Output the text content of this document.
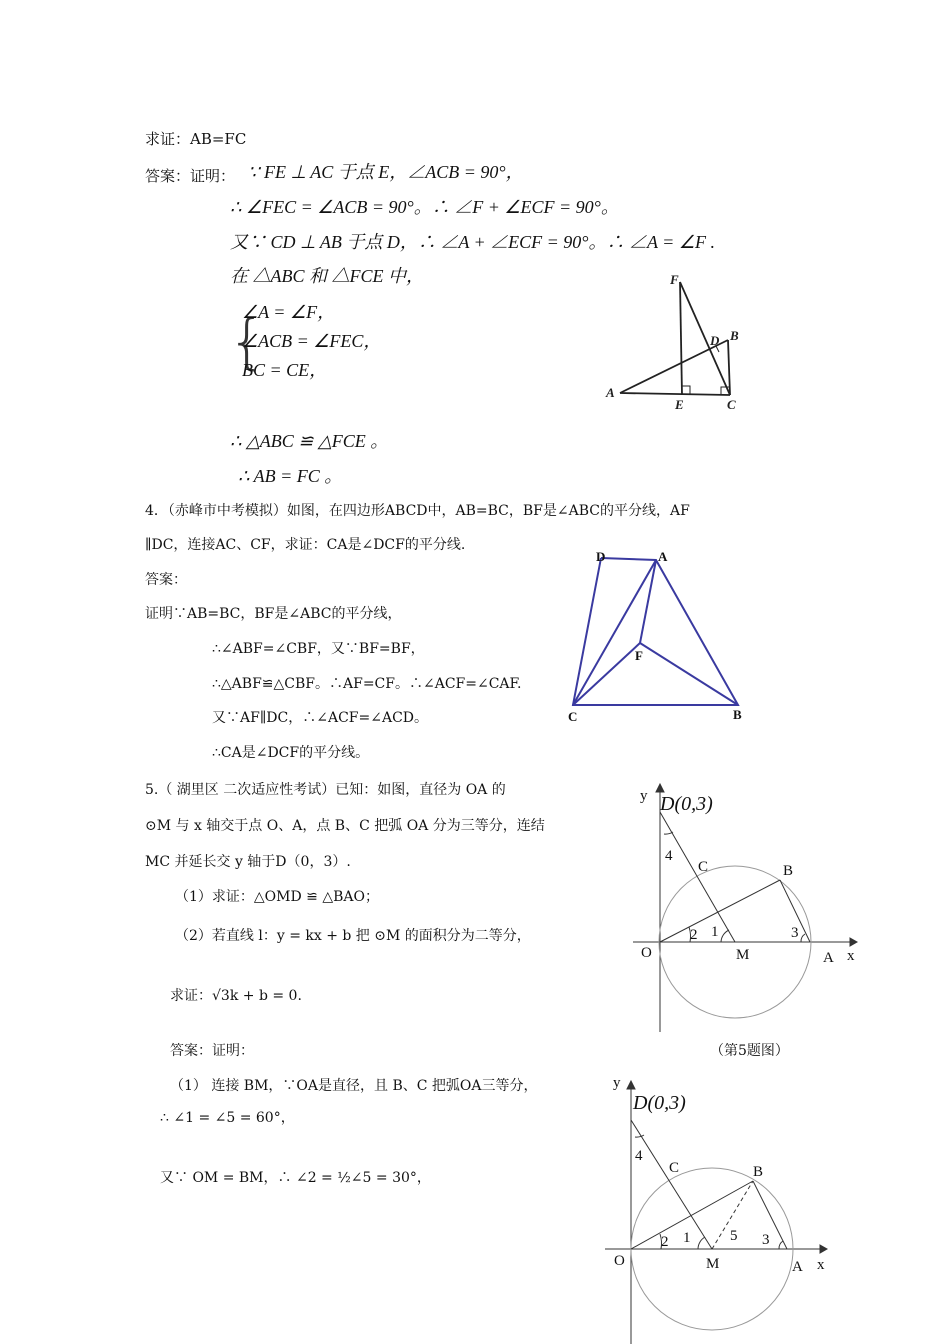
求证：AB=FC
答案：证明： ∵ FE ⊥ AC 于点 E，∠ACB = 90°，
∴ ∠FEC = ∠ACB = 90°。∴ ∠F + ∠ECF = 90°。
又∵ CD ⊥ AB 于点 D，∴ ∠A + ∠ECF = 90°。∴ ∠A = ∠F .
在 △ABC 和 △FCE 中，
{
∠A = ∠F，
∠ACB = ∠FEC，
BC = CE，
∴ △ABC ≌ △FCE 。
∴ AB = FC 。
F
B
D
A
E	C
4．（赤峰市中考模拟）如图，在四边形ABCD中，AB=BC，BF是∠ABC的平分线，AF
∥DC，连接AC、CF，求证：CA是∠DCF的平分线.
答案：
证明∵AB=BC，BF是∠ABC的平分线，
∴∠ABF=∠CBF，又∵BF=BF，
∴△ABF≌△CBF。∴AF=CF。∴∠ACF=∠CAF.
又∵AF∥DC，∴∠ACF=∠ACD。
∴CA是∠DCF的平分线。
D	A
F
C	B
5.（ 湖里区 二次适应性考试）已知：如图，直径为 OA 的
⊙M 与 x 轴交于点 O、A，点 B、C 把弧 OA 分为三等分，连结
MC 并延长交 y 轴于D（0，3）.
（1）求证：△OMD ≌ △BAO；
（2）若直线 l：y = kx + b 把 ⊙M 的面积分为二等分，
求证：√3k + b = 0.
答案：证明：	（第5题图）
（1） 连接 BM，∵OA是直径，且 B、C 把弧OA三等分，
∴ ∠1 = ∠5 = 60°，
又∵ OM = BM，∴ ∠2 = ½∠5 = 30°，
y D(0,3)
4
C	B
2 1	3
O	M	A x
y
D(0,3)
4
C	B
2 1	5 3
O	M	A x
